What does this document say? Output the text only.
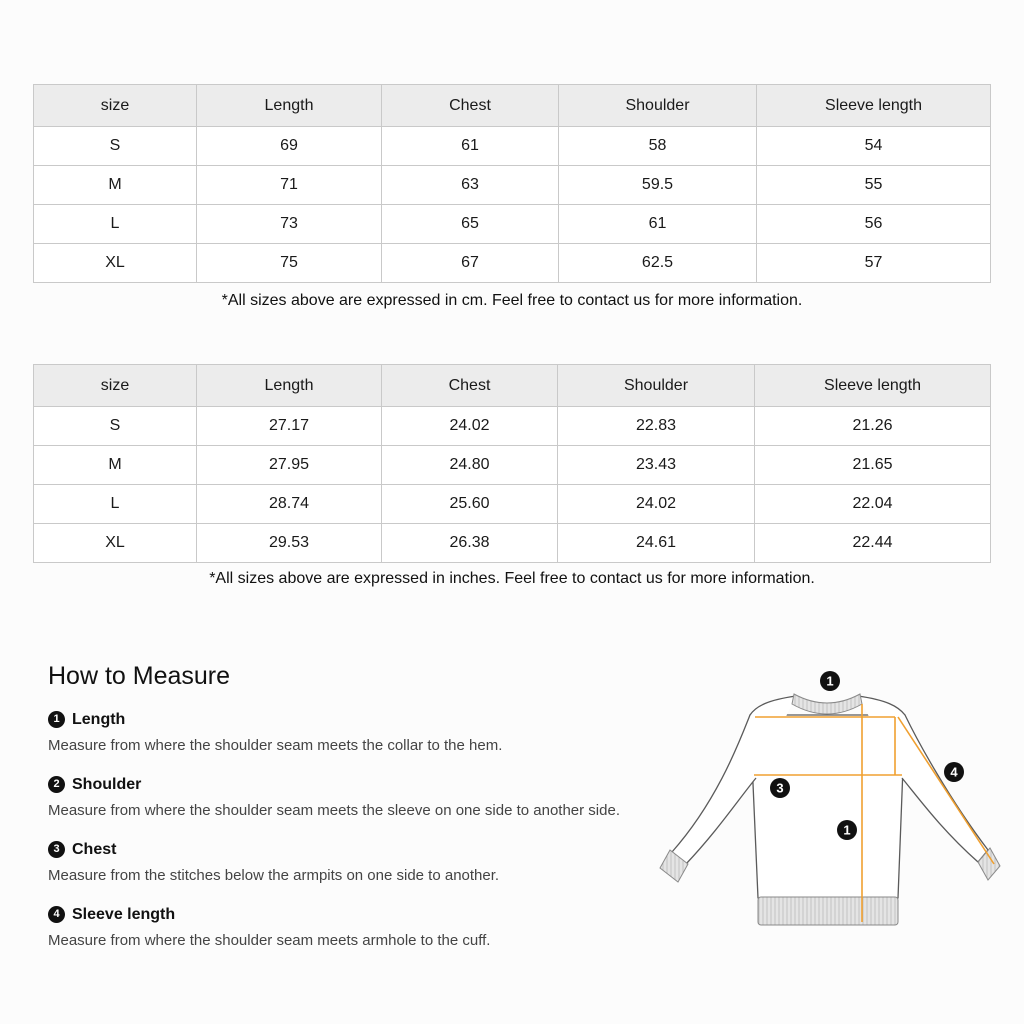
size	Length	Chest	Shoulder	Sleeve length
S	69	61	58	54
M	71	63	59.5	55
L	73	65	61	56
XL	75	67	62.5	57
*All sizes above are expressed in cm. Feel free to contact us for more information.
size	Length	Chest	Shoulder	Sleeve length
S	27.17	24.02	22.83	21.26
M	27.95	24.80	23.43	21.65
L	28.74	25.60	24.02	22.04
XL	29.53	26.38	24.61	22.44
*All sizes above are expressed in inches. Feel free to contact us for more information.
How to Measure
1 Length
Measure from where the shoulder seam meets the collar to the hem.
2 Shoulder
Measure from where the shoulder seam meets the sleeve on one side to another side.
3 Chest
Measure from the stitches below the armpits on one side to another.
4 Sleeve length
Measure from where the shoulder seam meets armhole to the cuff.
1
3
1
4
